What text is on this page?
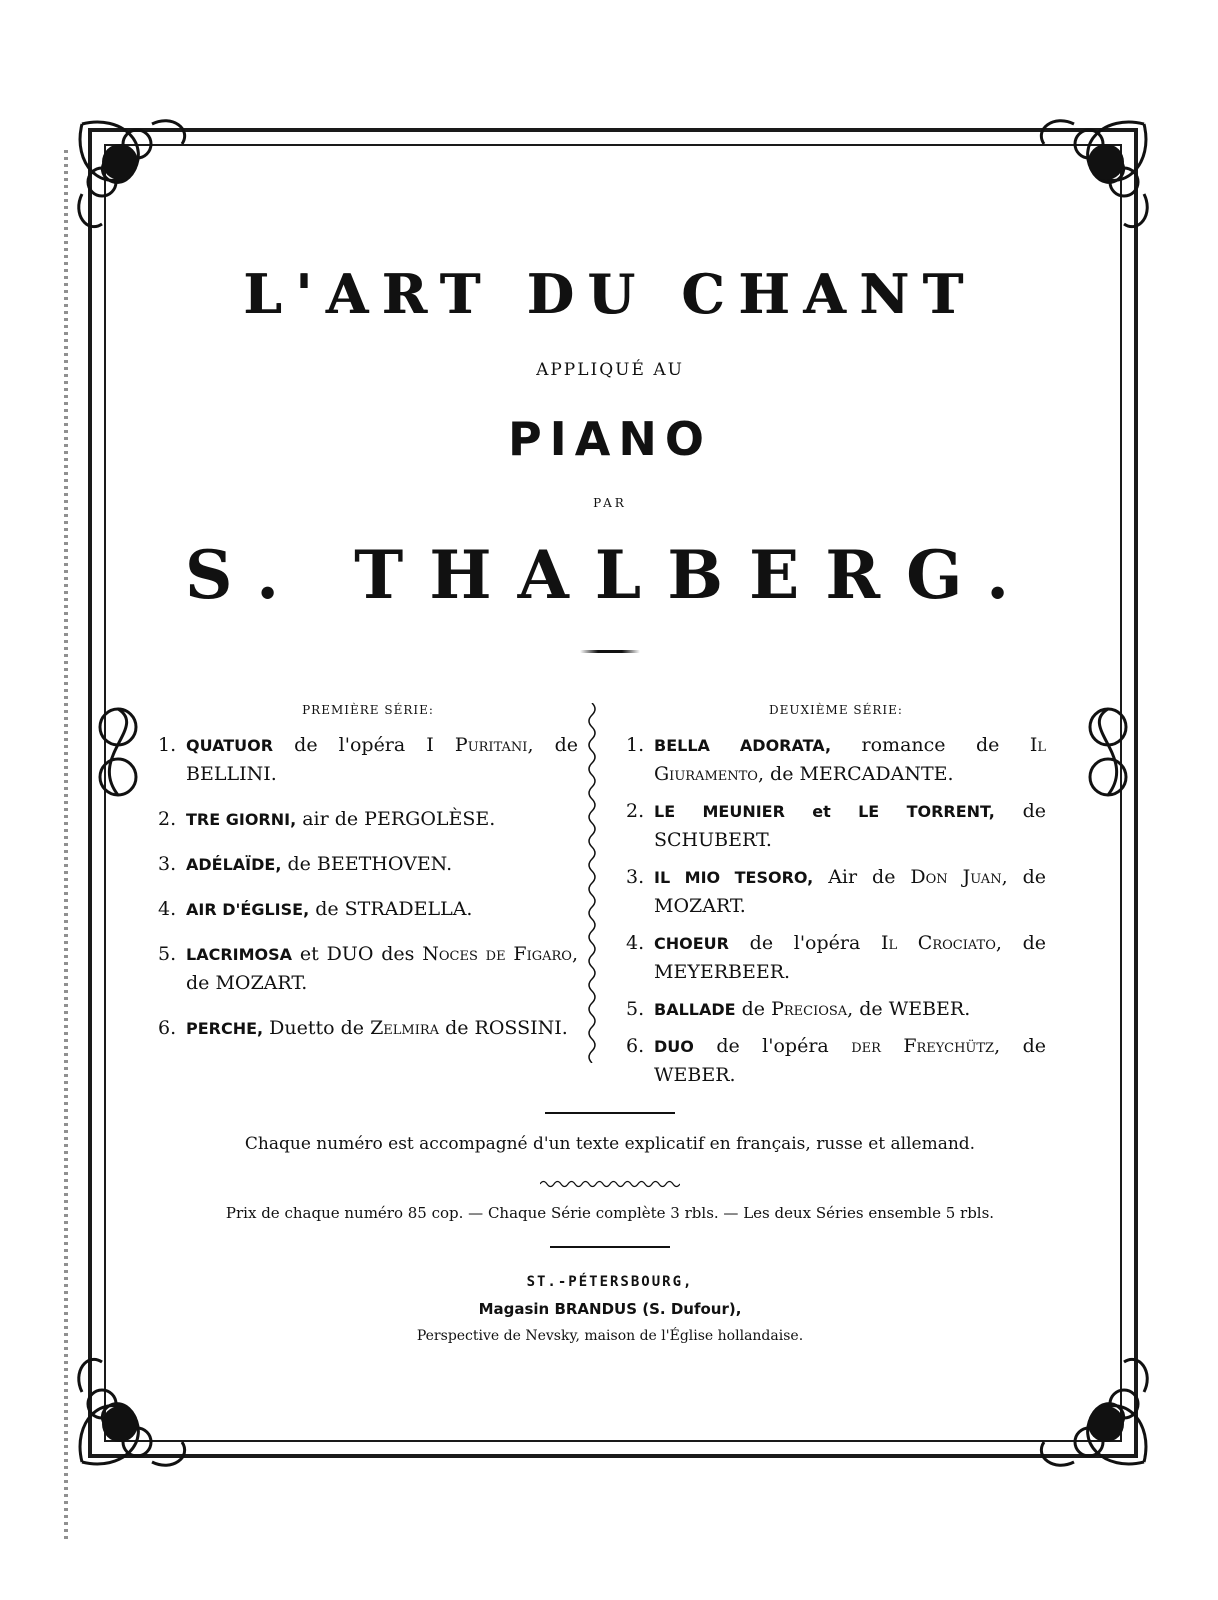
L'ART DU CHANT
APPLIQUÉ AU
PIANO
PAR
S. THALBERG.
PREMIÈRE SÉRIE:
1. QUATUOR de l'opéra I Puritani, de BELLINI.
2. TRE GIORNI, air de PERGOLÈSE.
3. ADÉLAÏDE, de BEETHOVEN.
4. AIR D'ÉGLISE, de STRADELLA.
5. LACRIMOSA et DUO des Noces de Figaro, de MOZART.
6. PERCHE, Duetto de Zelmira de ROSSINI.
DEUXIÈME SÉRIE:
1. BELLA ADORATA, romance de Il Giuramento, de MERCADANTE.
2. LE MEUNIER et LE TORRENT, de SCHUBERT.
3. IL MIO TESORO, Air de Don Juan, de MOZART.
4. CHOEUR de l'opéra Il Crociato, de MEYERBEER.
5. BALLADE de Preciosa, de WEBER.
6. DUO de l'opéra der Freychütz, de WEBER.
Chaque numéro est accompagné d'un texte explicatif en français, russe et allemand.
Prix de chaque numéro 85 cop. — Chaque Série complète 3 rbls. — Les deux Séries ensemble 5 rbls.
ST.-PÉTERSBOURG,
Magasin BRANDUS (S. Dufour),
Perspective de Nevsky, maison de l'Église hollandaise.
